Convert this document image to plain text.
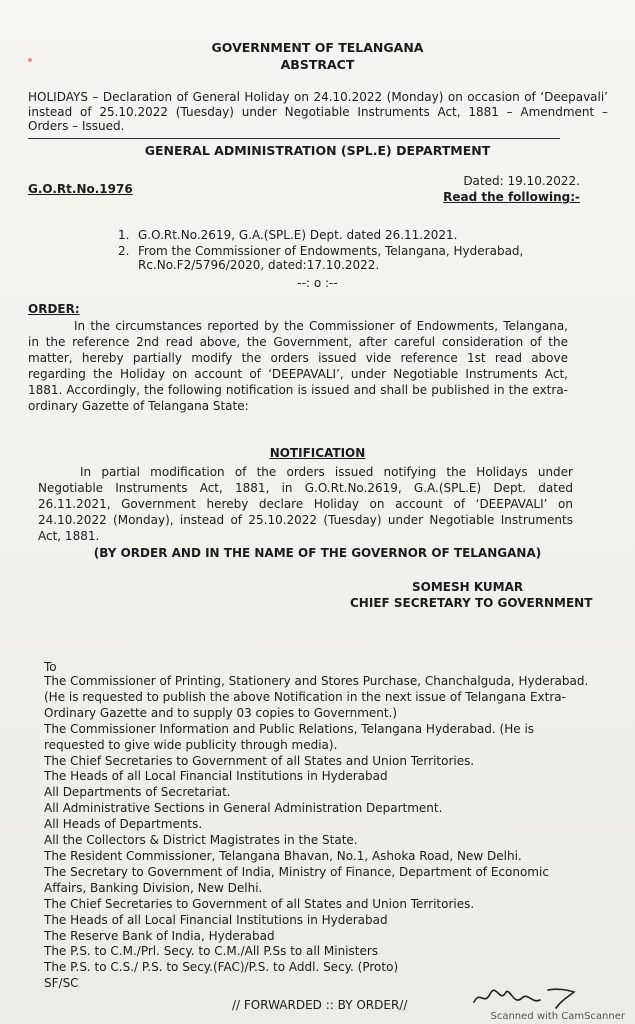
GOVERNMENT OF TELANGANA
ABSTRACT
HOLIDAYS – Declaration of General Holiday on 24.10.2022 (Monday) on occasion of ‘Deepavali’ instead of 25.10.2022 (Tuesday) under Negotiable Instruments Act, 1881 – Amendment – Orders – Issued.
GENERAL ADMINISTRATION (SPL.E) DEPARTMENT
G.O.Rt.No.1976
Dated: 19.10.2022.
Read the following:-
1. G.O.Rt.No.2619, G.A.(SPL.E) Dept. dated 26.11.2021.
2. From the Commissioner of Endowments, Telangana, Hyderabad, Rc.No.F2/5796/2020, dated:17.10.2022.
--: o :--
ORDER:
In the circumstances reported by the Commissioner of Endowments, Telangana, in the reference 2nd read above, the Government, after careful consideration of the matter, hereby partially modify the orders issued vide reference 1st read above regarding the Holiday on account of ‘DEEPAVALI’, under Negotiable Instruments Act, 1881. Accordingly, the following notification is issued and shall be published in the extra-ordinary Gazette of Telangana State:
NOTIFICATION
In partial modification of the orders issued notifying the Holidays under Negotiable Instruments Act, 1881, in G.O.Rt.No.2619, G.A.(SPL.E) Dept. dated 26.11.2021, Government hereby declare Holiday on account of ‘DEEPAVALI’ on 24.10.2022 (Monday), instead of 25.10.2022 (Tuesday) under Negotiable Instruments Act, 1881.
(BY ORDER AND IN THE NAME OF THE GOVERNOR OF TELANGANA)
SOMESH KUMAR
CHIEF SECRETARY TO GOVERNMENT
To
The Commissioner of Printing, Stationery and Stores Purchase, Chanchalguda, Hyderabad.
(He is requested to publish the above Notification in the next issue of Telangana Extra-
Ordinary Gazette and to supply 03 copies to Government.)
The Commissioner Information and Public Relations, Telangana Hyderabad. (He is
requested to give wide publicity through media).
The Chief Secretaries to Government of all States and Union Territories.
The Heads of all Local Financial Institutions in Hyderabad
All Departments of Secretariat.
All Administrative Sections in General Administration Department.
All Heads of Departments.
All the Collectors & District Magistrates in the State.
The Resident Commissioner, Telangana Bhavan, No.1, Ashoka Road, New Delhi.
The Secretary to Government of India, Ministry of Finance, Department of Economic
Affairs, Banking Division, New Delhi.
The Chief Secretaries to Government of all States and Union Territories.
The Heads of all Local Financial Institutions in Hyderabad
The Reserve Bank of India, Hyderabad
The P.S. to C.M./Prl. Secy. to C.M./All P.Ss to all Ministers
The P.S. to C.S./ P.S. to Secy.(FAC)/P.S. to Addl. Secy. (Proto)
SF/SC
// FORWARDED :: BY ORDER//
Scanned with CamScanner
